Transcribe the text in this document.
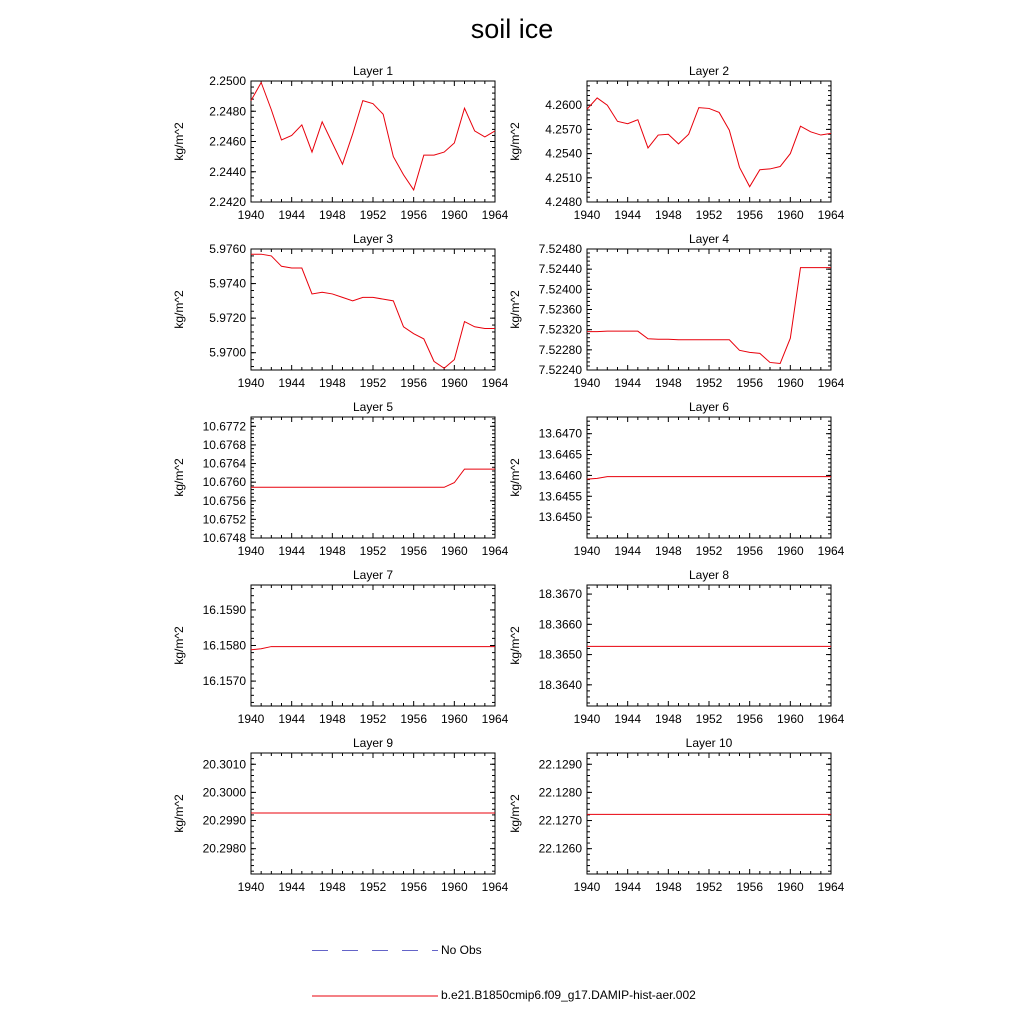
soil ice
Layer 1
kg/m^2
1940 1944 1948 1952 1956 1960 1964
2.2420
2.2440
2.2460
2.2480
2.2500
Layer 2
kg/m^2
1940 1944 1948 1952 1956 1960 1964
4.2480
4.2510
4.2540
4.2570
4.2600
Layer 3
kg/m^2
1940 1944 1948 1952 1956 1960 1964
5.9700
5.9720
5.9740
5.9760
Layer 4
kg/m^2
1940 1944 1948 1952 1956 1960 1964
7.52240
7.52280
7.52320
7.52360
7.52400
7.52440
7.52480
Layer 5
kg/m^2
1940 1944 1948 1952 1956 1960 1964
10.6748
10.6752
10.6756
10.6760
10.6764
10.6768
10.6772
Layer 6
kg/m^2
1940 1944 1948 1952 1956 1960 1964
13.6450
13.6455
13.6460
13.6465
13.6470
Layer 7
kg/m^2
1940 1944 1948 1952 1956 1960 1964
16.1570
16.1580
16.1590
Layer 8
kg/m^2
1940 1944 1948 1952 1956 1960 1964
18.3640
18.3650
18.3660
18.3670
Layer 9
kg/m^2
1940 1944 1948 1952 1956 1960 1964
20.2980
20.2990
20.3000
20.3010
Layer 10
kg/m^2
1940 1944 1948 1952 1956 1960 1964
22.1260
22.1270
22.1280
22.1290
No Obs
b.e21.B1850cmip6.f09_g17.DAMIP-hist-aer.002
